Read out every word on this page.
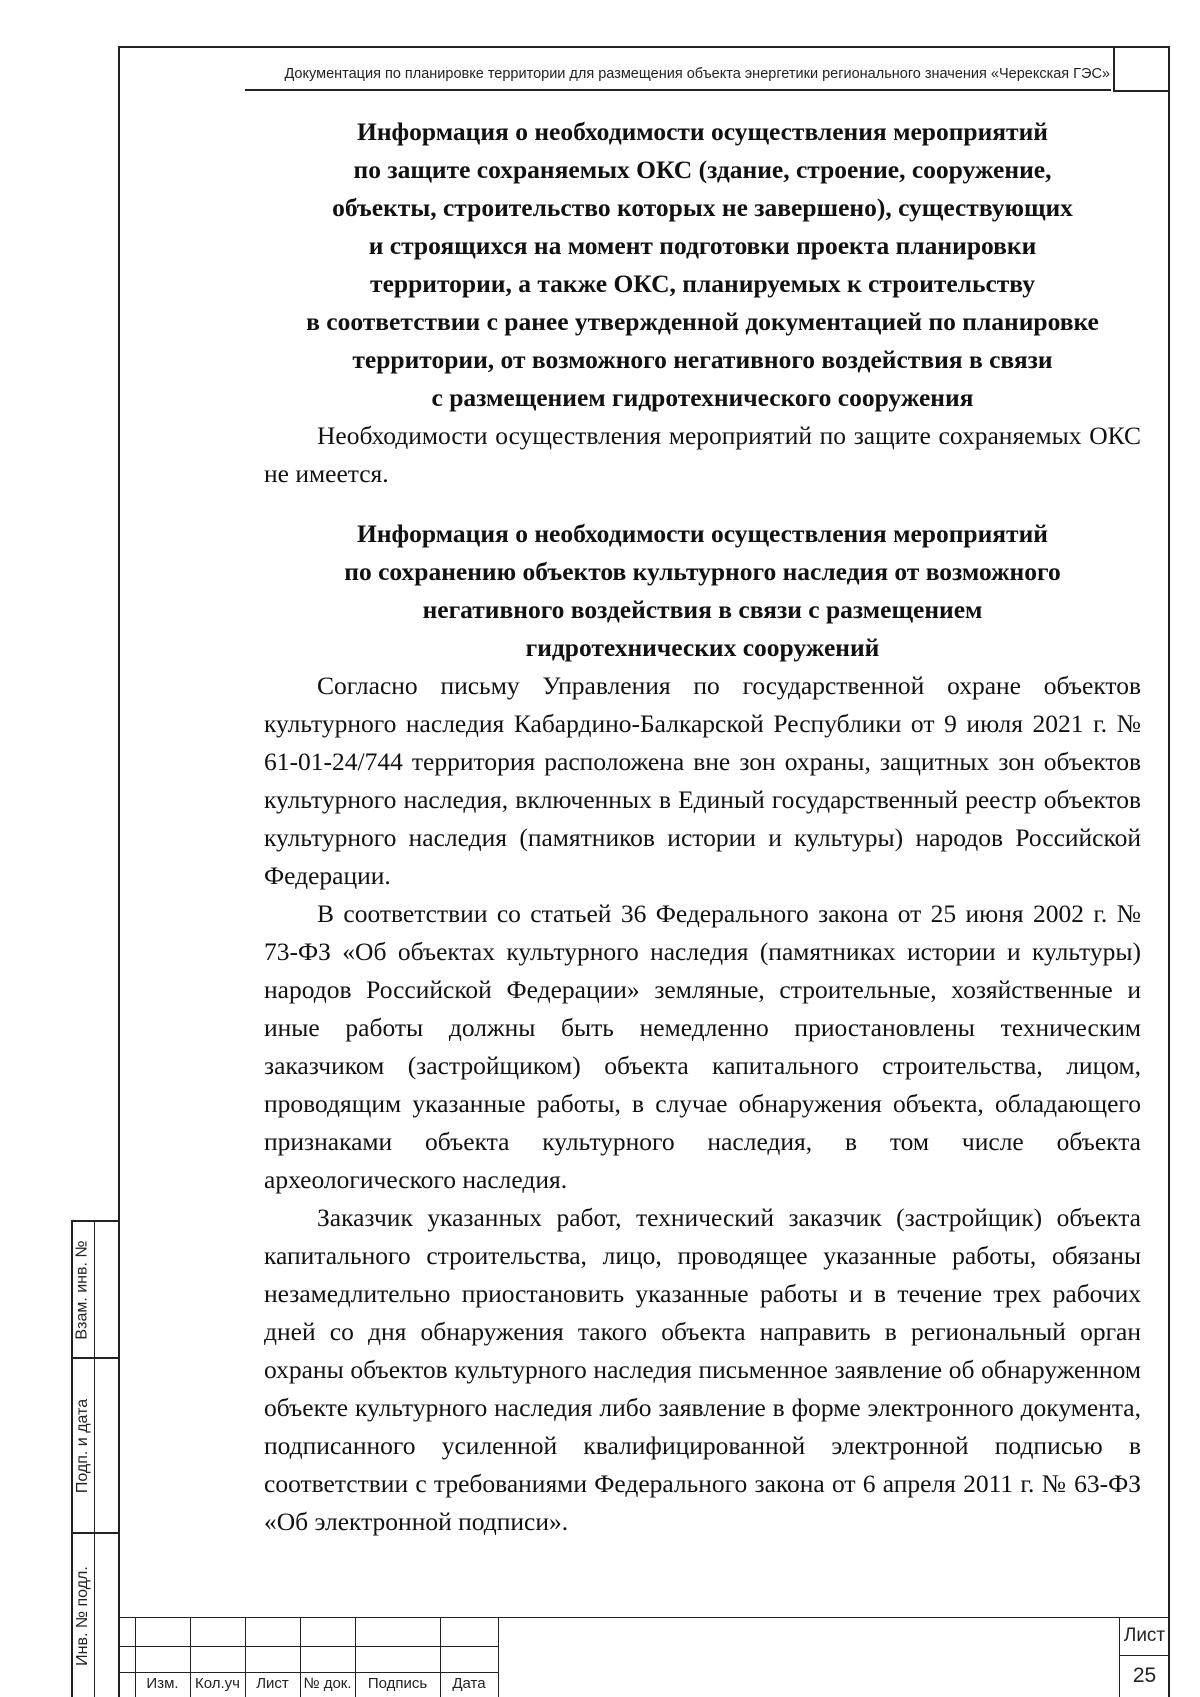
Документация по планировке территории для размещения объекта энергетики регионального значения «Черекская ГЭС»
Информация о необходимости осуществления мероприятий
по защите сохраняемых ОКС (здание, строение, сооружение,
объекты, строительство которых не завершено), существующих
и строящихся на момент подготовки проекта планировки
территории, а также ОКС, планируемых к строительству
в соответствии с ранее утвержденной документацией по планировке
территории, от возможного негативного воздействия в связи
с размещением гидротехнического сооружения

Необходимости осуществления мероприятий по защите сохраняемых ОКС не имеется.

Информация о необходимости осуществления мероприятий
по сохранению объектов культурного наследия от возможного
негативного воздействия в связи с размещением
гидротехнических сооружений

Согласно письму Управления по государственной охране объектов культурного наследия Кабардино-Балкарской Республики от 9 июля 2021 г. № 61-01-24/744 территория расположена вне зон охраны, защитных зон объектов культурного наследия, включенных в Единый государственный реестр объектов культурного наследия (памятников истории и культуры) народов Российской Федерации.

В соответствии со статьей 36 Федерального закона от 25 июня 2002 г. № 73-ФЗ «Об объектах культурного наследия (памятниках истории и культуры) народов Российской Федерации» земляные, строительные, хозяйственные и иные работы должны быть немедленно приостановлены техническим заказчиком (застройщиком) объекта капитального строительства, лицом, проводящим указанные работы, в случае обнаружения объекта, обладающего признаками объекта культурного наследия, в том числе объекта археологического наследия.

Заказчик указанных работ, технический заказчик (застройщик) объекта капитального строительства, лицо, проводящее указанные работы, обязаны незамедлительно приостановить указанные работы и в течение трех рабочих дней со дня обнаружения такого объекта направить в региональный орган охраны объектов культурного наследия письменное заявление об обнаруженном объекте культурного наследия либо заявление в форме электронного документа, подписанного усиленной квалифицированной электронной подписью в соответствии с требованиями Федерального закона от 6 апреля 2011 г. № 63-ФЗ «Об электронной подписи».

Взам. инв. №
Подп. и дата
Инв. № подл.
Изм.	Кол.уч	Лист № док.	Подпись	Дата
Лист
25
